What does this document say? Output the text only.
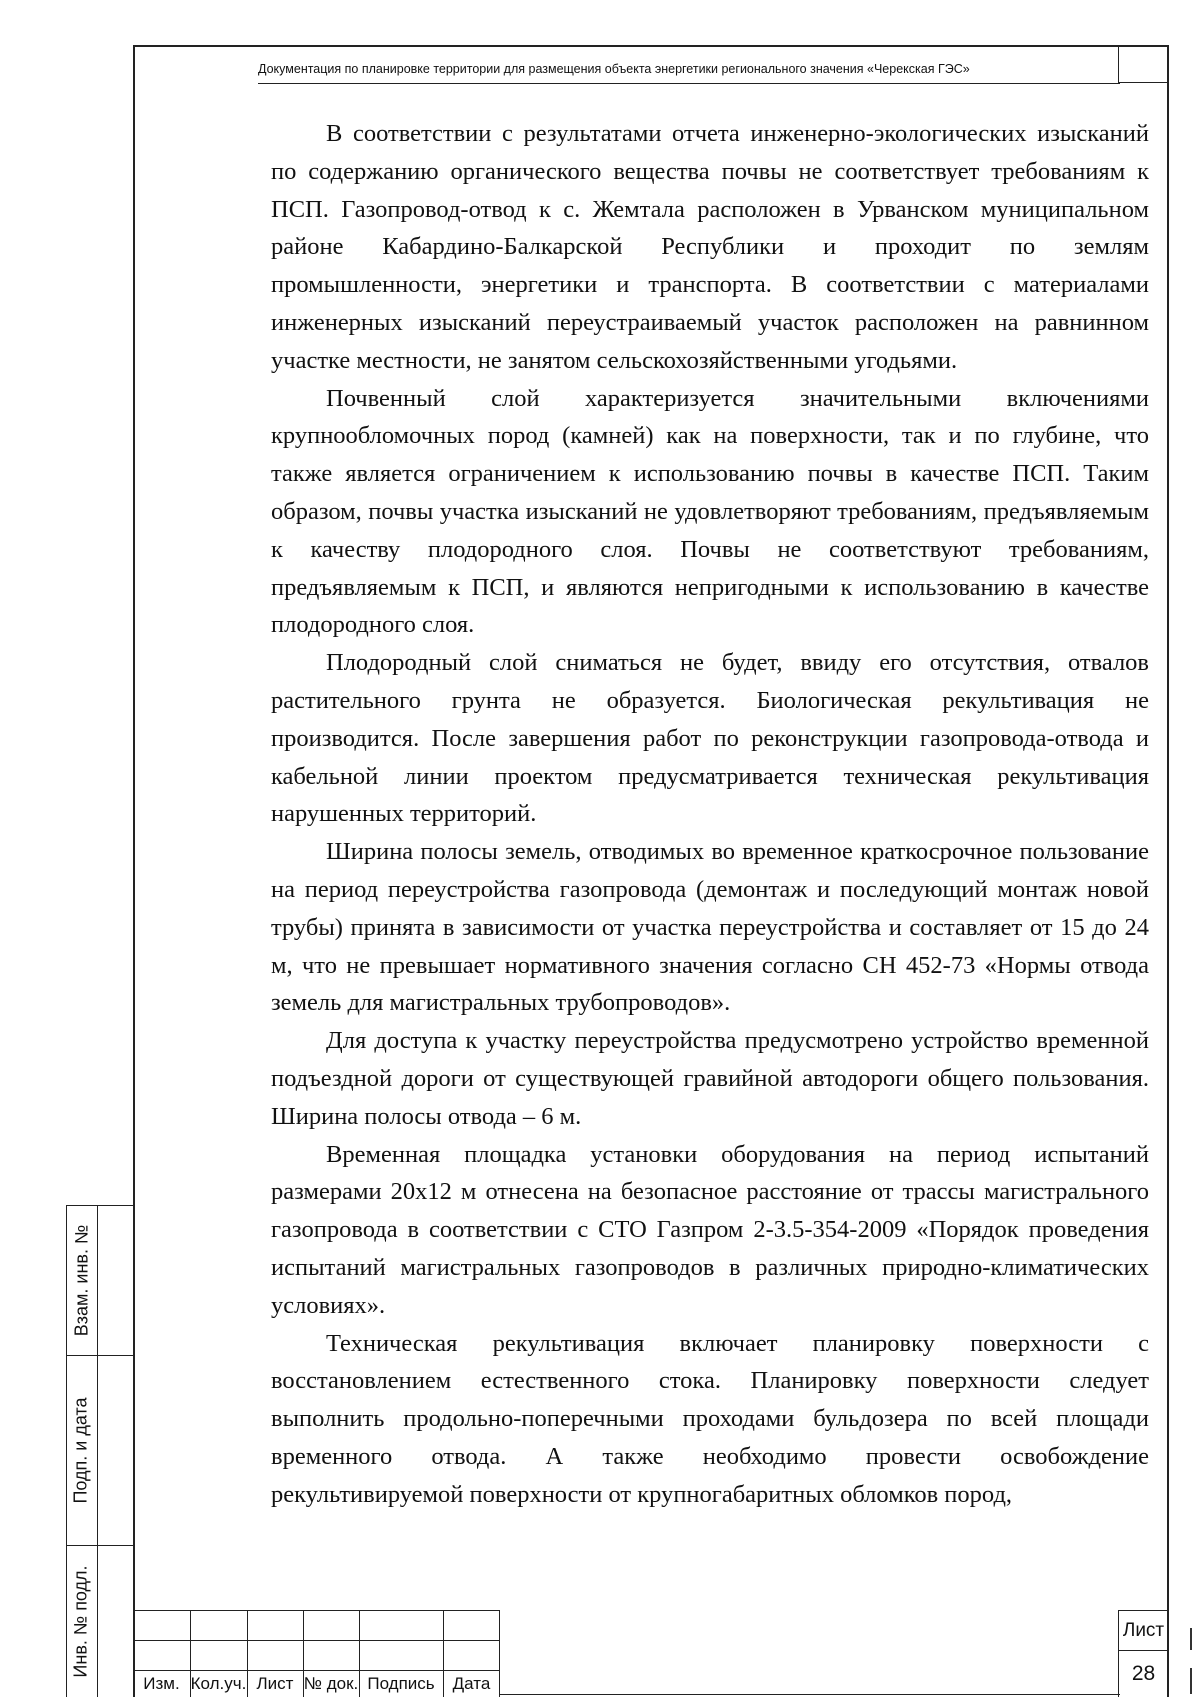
Документация по планировке территории для размещения объекта энергетики регионального значения «Черекская ГЭС»

В соответствии с результатами отчета инженерно-экологических изысканий по содержанию органического вещества почвы не соответствует требованиям к ПСП. Газопровод-отвод к с. Жемтала расположен в Урванском муниципальном районе Кабардино-Балкарской Республики и проходит по землям промышленности, энергетики и транспорта. В соответствии с материалами инженерных изысканий переустраиваемый участок расположен на равнинном участке местности, не занятом сельскохозяйственными угодьями.

Почвенный слой характеризуется значительными включениями крупнообломочных пород (камней) как на поверхности, так и по глубине, что также является ограничением к использованию почвы в качестве ПСП. Таким образом, почвы участка изысканий не удовлетворяют требованиям, предъявляемым к качеству плодородного слоя. Почвы не соответствуют требованиям, предъявляемым к ПСП, и являются непригодными к использованию в качестве плодородного слоя.

Плодородный слой сниматься не будет, ввиду его отсутствия, отвалов растительного грунта не образуется. Биологическая рекультивация не производится. После завершения работ по реконструкции газопровода-отвода и кабельной линии проектом предусматривается техническая рекультивация нарушенных территорий.

Ширина полосы земель, отводимых во временное краткосрочное пользование на период переустройства газопровода (демонтаж и последующий монтаж новой трубы) принята в зависимости от участка переустройства и составляет от 15 до 24 м, что не превышает нормативного значения согласно СН 452-73 «Нормы отвода земель для магистральных трубопроводов».

Для доступа к участку переустройства предусмотрено устройство временной подъездной дороги от существующей гравийной автодороги общего пользования. Ширина полосы отвода – 6 м.

Временная площадка установки оборудования на период испытаний размерами 20х12 м отнесена на безопасное расстояние от трассы магистрального газопровода в соответствии с СТО Газпром 2-3.5-354-2009 «Порядок проведения испытаний магистральных газопроводов в различных природно-климатических условиях».

Техническая рекультивация включает планировку поверхности с восстановлением естественного стока. Планировку поверхности следует выполнить продольно-поперечными проходами бульдозера по всей площади временного отвода. А также необходимо провести освобождение рекультивируемой поверхности от крупногабаритных обломков пород,

Взам. инв. №
Подп. и дата
Инв. № подл.
Изм. Кол.уч. Лист № док. Подпись	Дата
Лист
28
